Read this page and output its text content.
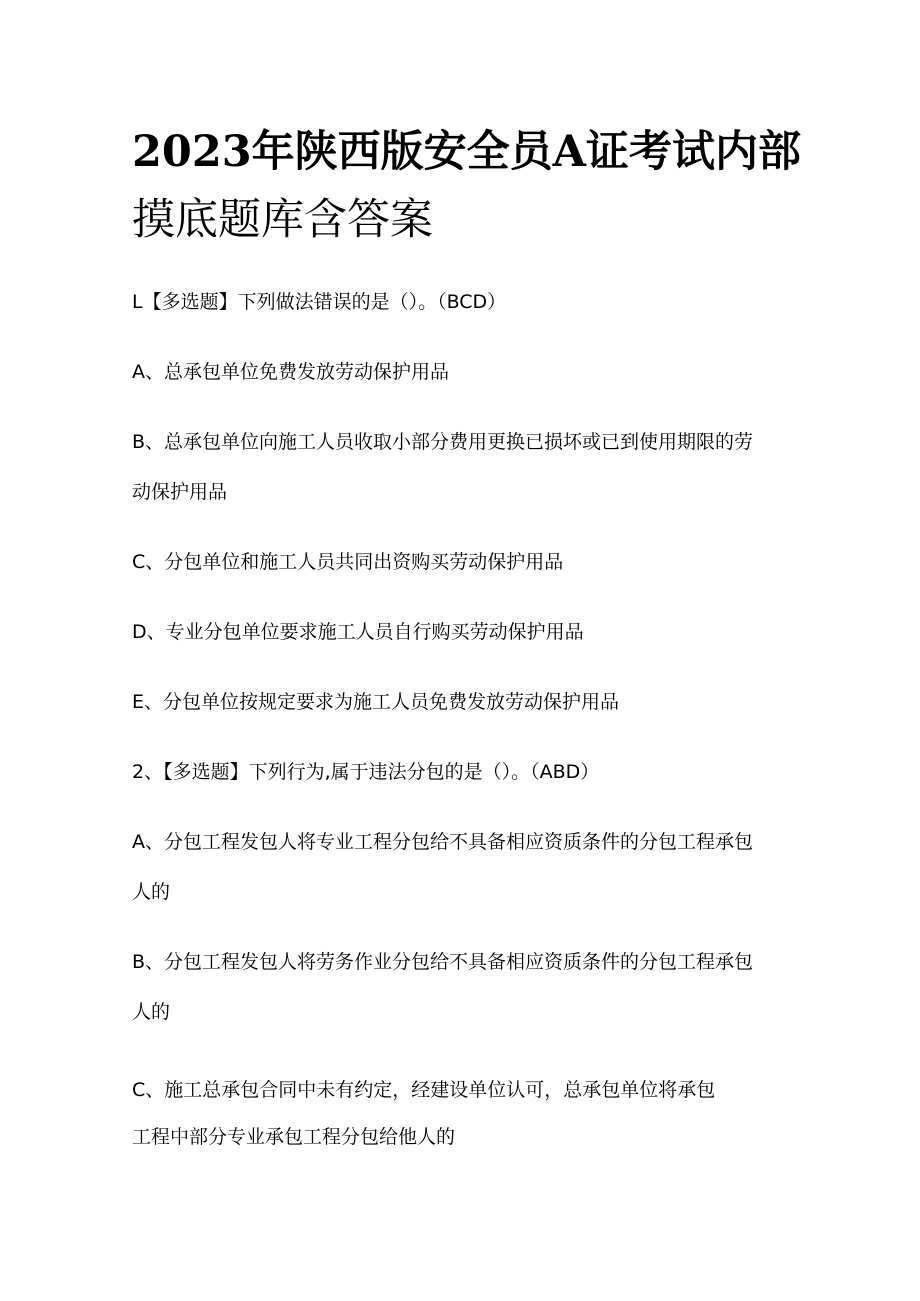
2023年陕西版安全员A证考试内部
摸底题库含答案
L【多选题】下列做法错误的是（）。（BCD）
A、总承包单位免费发放劳动保护用品
B、总承包单位向施工人员收取小部分费用更换已损坏或已到使用期限的劳
动保护用品
C、分包单位和施工人员共同出资购买劳动保护用品
D、专业分包单位要求施工人员自行购买劳动保护用品
E、分包单位按规定要求为施工人员免费发放劳动保护用品
2、【多选题】下列行为,属于违法分包的是（）。（ABD）
A、分包工程发包人将专业工程分包给不具备相应资质条件的分包工程承包
人的
B、分包工程发包人将劳务作业分包给不具备相应资质条件的分包工程承包
人的
C、施工总承包合同中未有约定，经建设单位认可，总承包单位将承包
工程中部分专业承包工程分包给他人的
